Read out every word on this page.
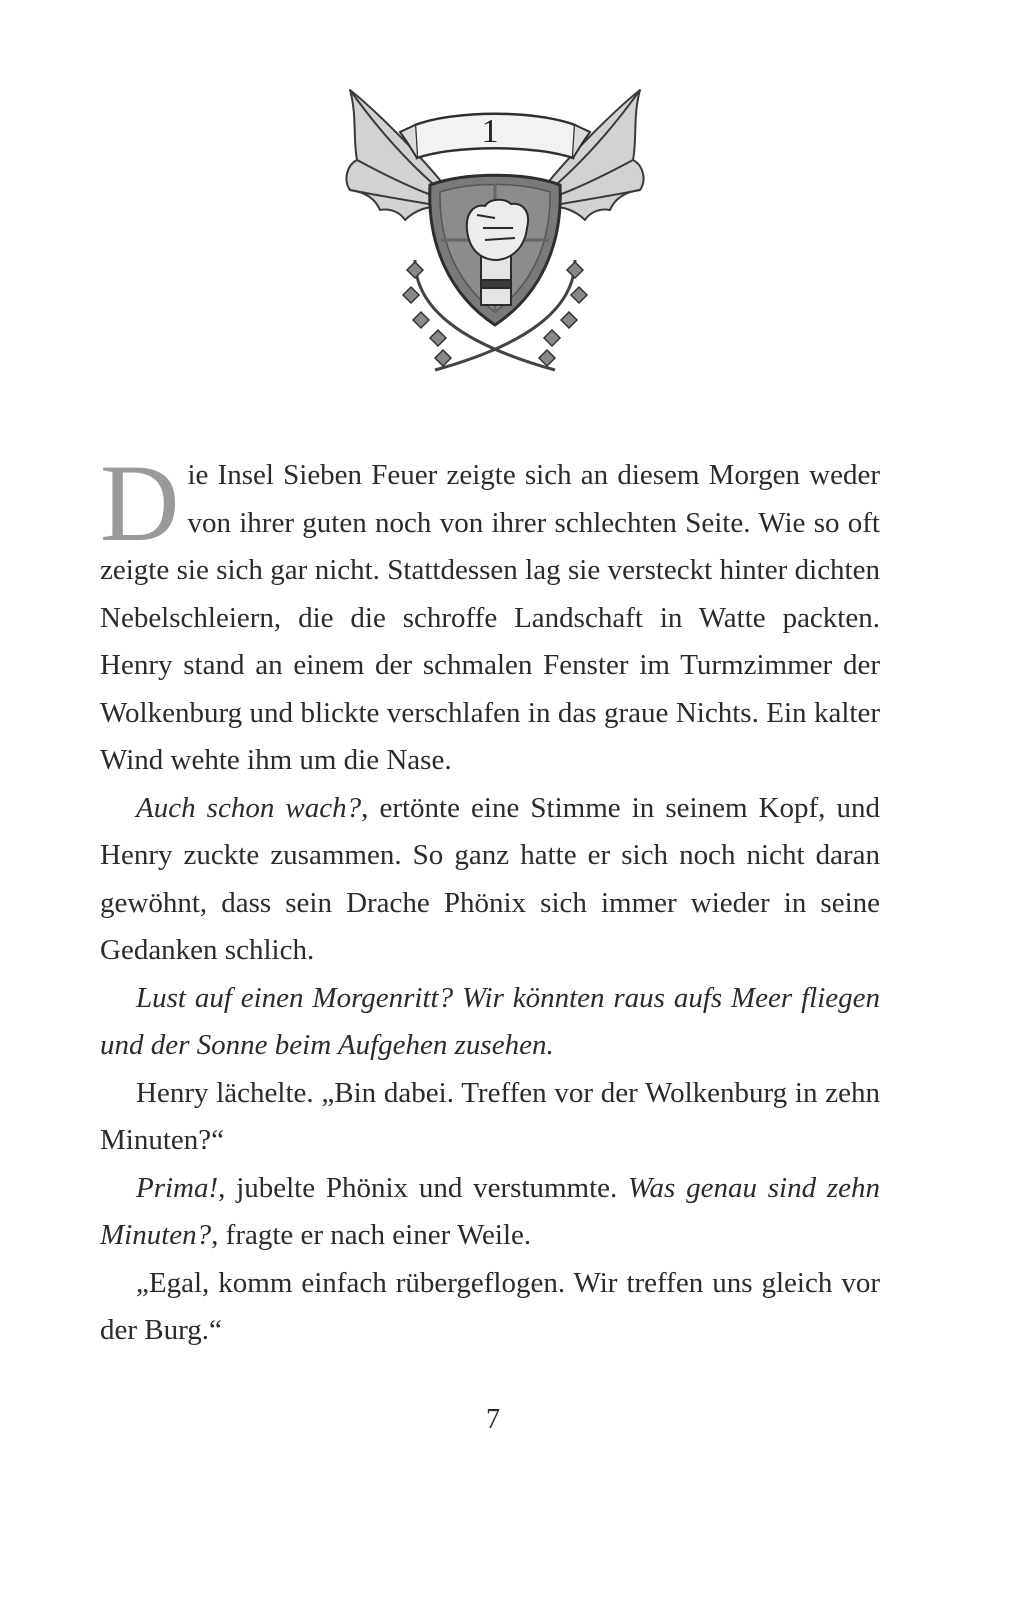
1

Die Insel Sieben Feuer zeigte sich an diesem Morgen weder von ihrer guten noch von ihrer schlechten Seite. Wie so oft zeigte sie sich gar nicht. Stattdessen lag sie versteckt hinter dichten Nebelschleiern, die die schroffe Landschaft in Watte packten. Henry stand an einem der schmalen Fenster im Turmzimmer der Wolkenburg und blickte verschlafen in das graue Nichts. Ein kalter Wind wehte ihm um die Nase.

Auch schon wach?, ertönte eine Stimme in seinem Kopf, und Henry zuckte zusammen. So ganz hatte er sich noch nicht daran gewöhnt, dass sein Drache Phönix sich immer wieder in seine Gedanken schlich.

Lust auf einen Morgenritt? Wir könnten raus aufs Meer fliegen und der Sonne beim Aufgehen zusehen.

Henry lächelte. „Bin dabei. Treffen vor der Wolkenburg in zehn Minuten?“

Prima!, jubelte Phönix und verstummte. Was genau sind zehn Minuten?, fragte er nach einer Weile.

„Egal, komm einfach rübergeflogen. Wir treffen uns gleich vor der Burg.“

7
